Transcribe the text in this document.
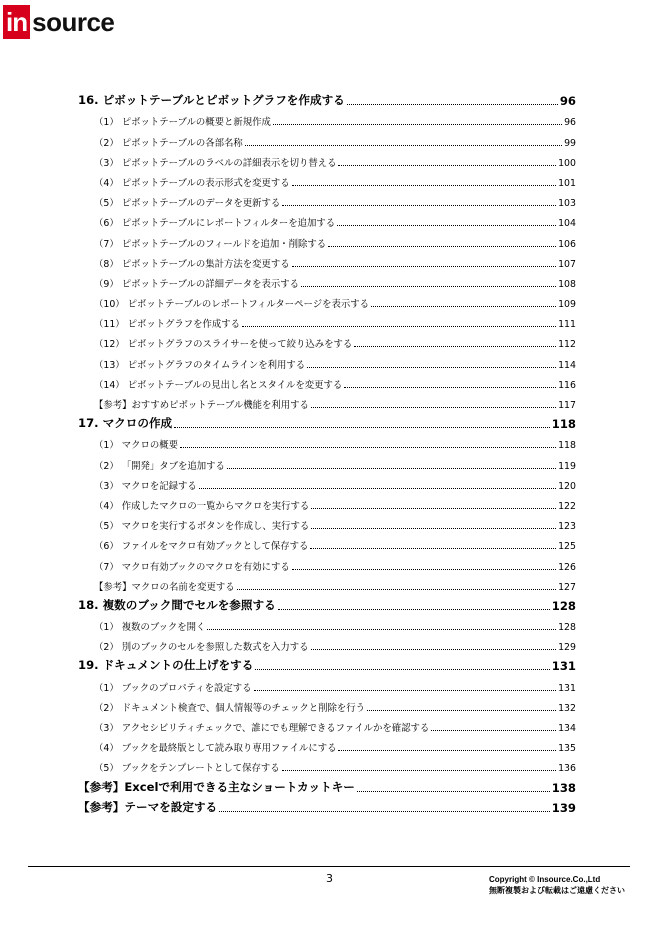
in source
16. ピボットテーブルとピボットグラフを作成する	96
（1） ピボットテーブルの概要と新規作成	96
（2） ピボットテーブルの各部名称	99
（3） ピボットテーブルのラベルの詳細表示を切り替える	100
（4） ピボットテーブルの表示形式を変更する	101
（5） ピボットテーブルのデータを更新する	103
（6） ピボットテーブルにレポートフィルターを追加する	104
（7） ピボットテーブルのフィールドを追加・削除する	106
（8） ピボットテーブルの集計方法を変更する	107
（9） ピボットテーブルの詳細データを表示する	108
（10） ピボットテーブルのレポートフィルターページを表示する	109
（11） ピボットグラフを作成する	111
（12） ピボットグラフのスライサーを使って絞り込みをする	112
（13） ピボットグラフのタイムラインを利用する	114
（14） ピボットテーブルの見出し名とスタイルを変更する	116
【参考】おすすめピボットテーブル機能を利用する	117
17. マクロの作成	118
（1） マクロの概要	118
（2） 「開発」タブを追加する	119
（3） マクロを記録する	120
（4） 作成したマクロの一覧からマクロを実行する	122
（5） マクロを実行するボタンを作成し、実行する	123
（6） ファイルをマクロ有効ブックとして保存する	125
（7） マクロ有効ブックのマクロを有効にする	126
【参考】マクロの名前を変更する	127
18. 複数のブック間でセルを参照する	128
（1） 複数のブックを開く	128
（2） 別のブックのセルを参照した数式を入力する	129
19. ドキュメントの仕上げをする	131
（1） ブックのプロパティを設定する	131
（2） ドキュメント検査で、個人情報等のチェックと削除を行う	132
（3） アクセシビリティチェックで、誰にでも理解できるファイルかを確認する	134
（4） ブックを最終版として読み取り専用ファイルにする	135
（5） ブックをテンプレートとして保存する	136
【参考】Excelで利用できる主なショートカットキー	138
【参考】テーマを設定する	139
3	Copyright © Insource.Co.,Ltd
無断複製および転載はご遠慮ください
